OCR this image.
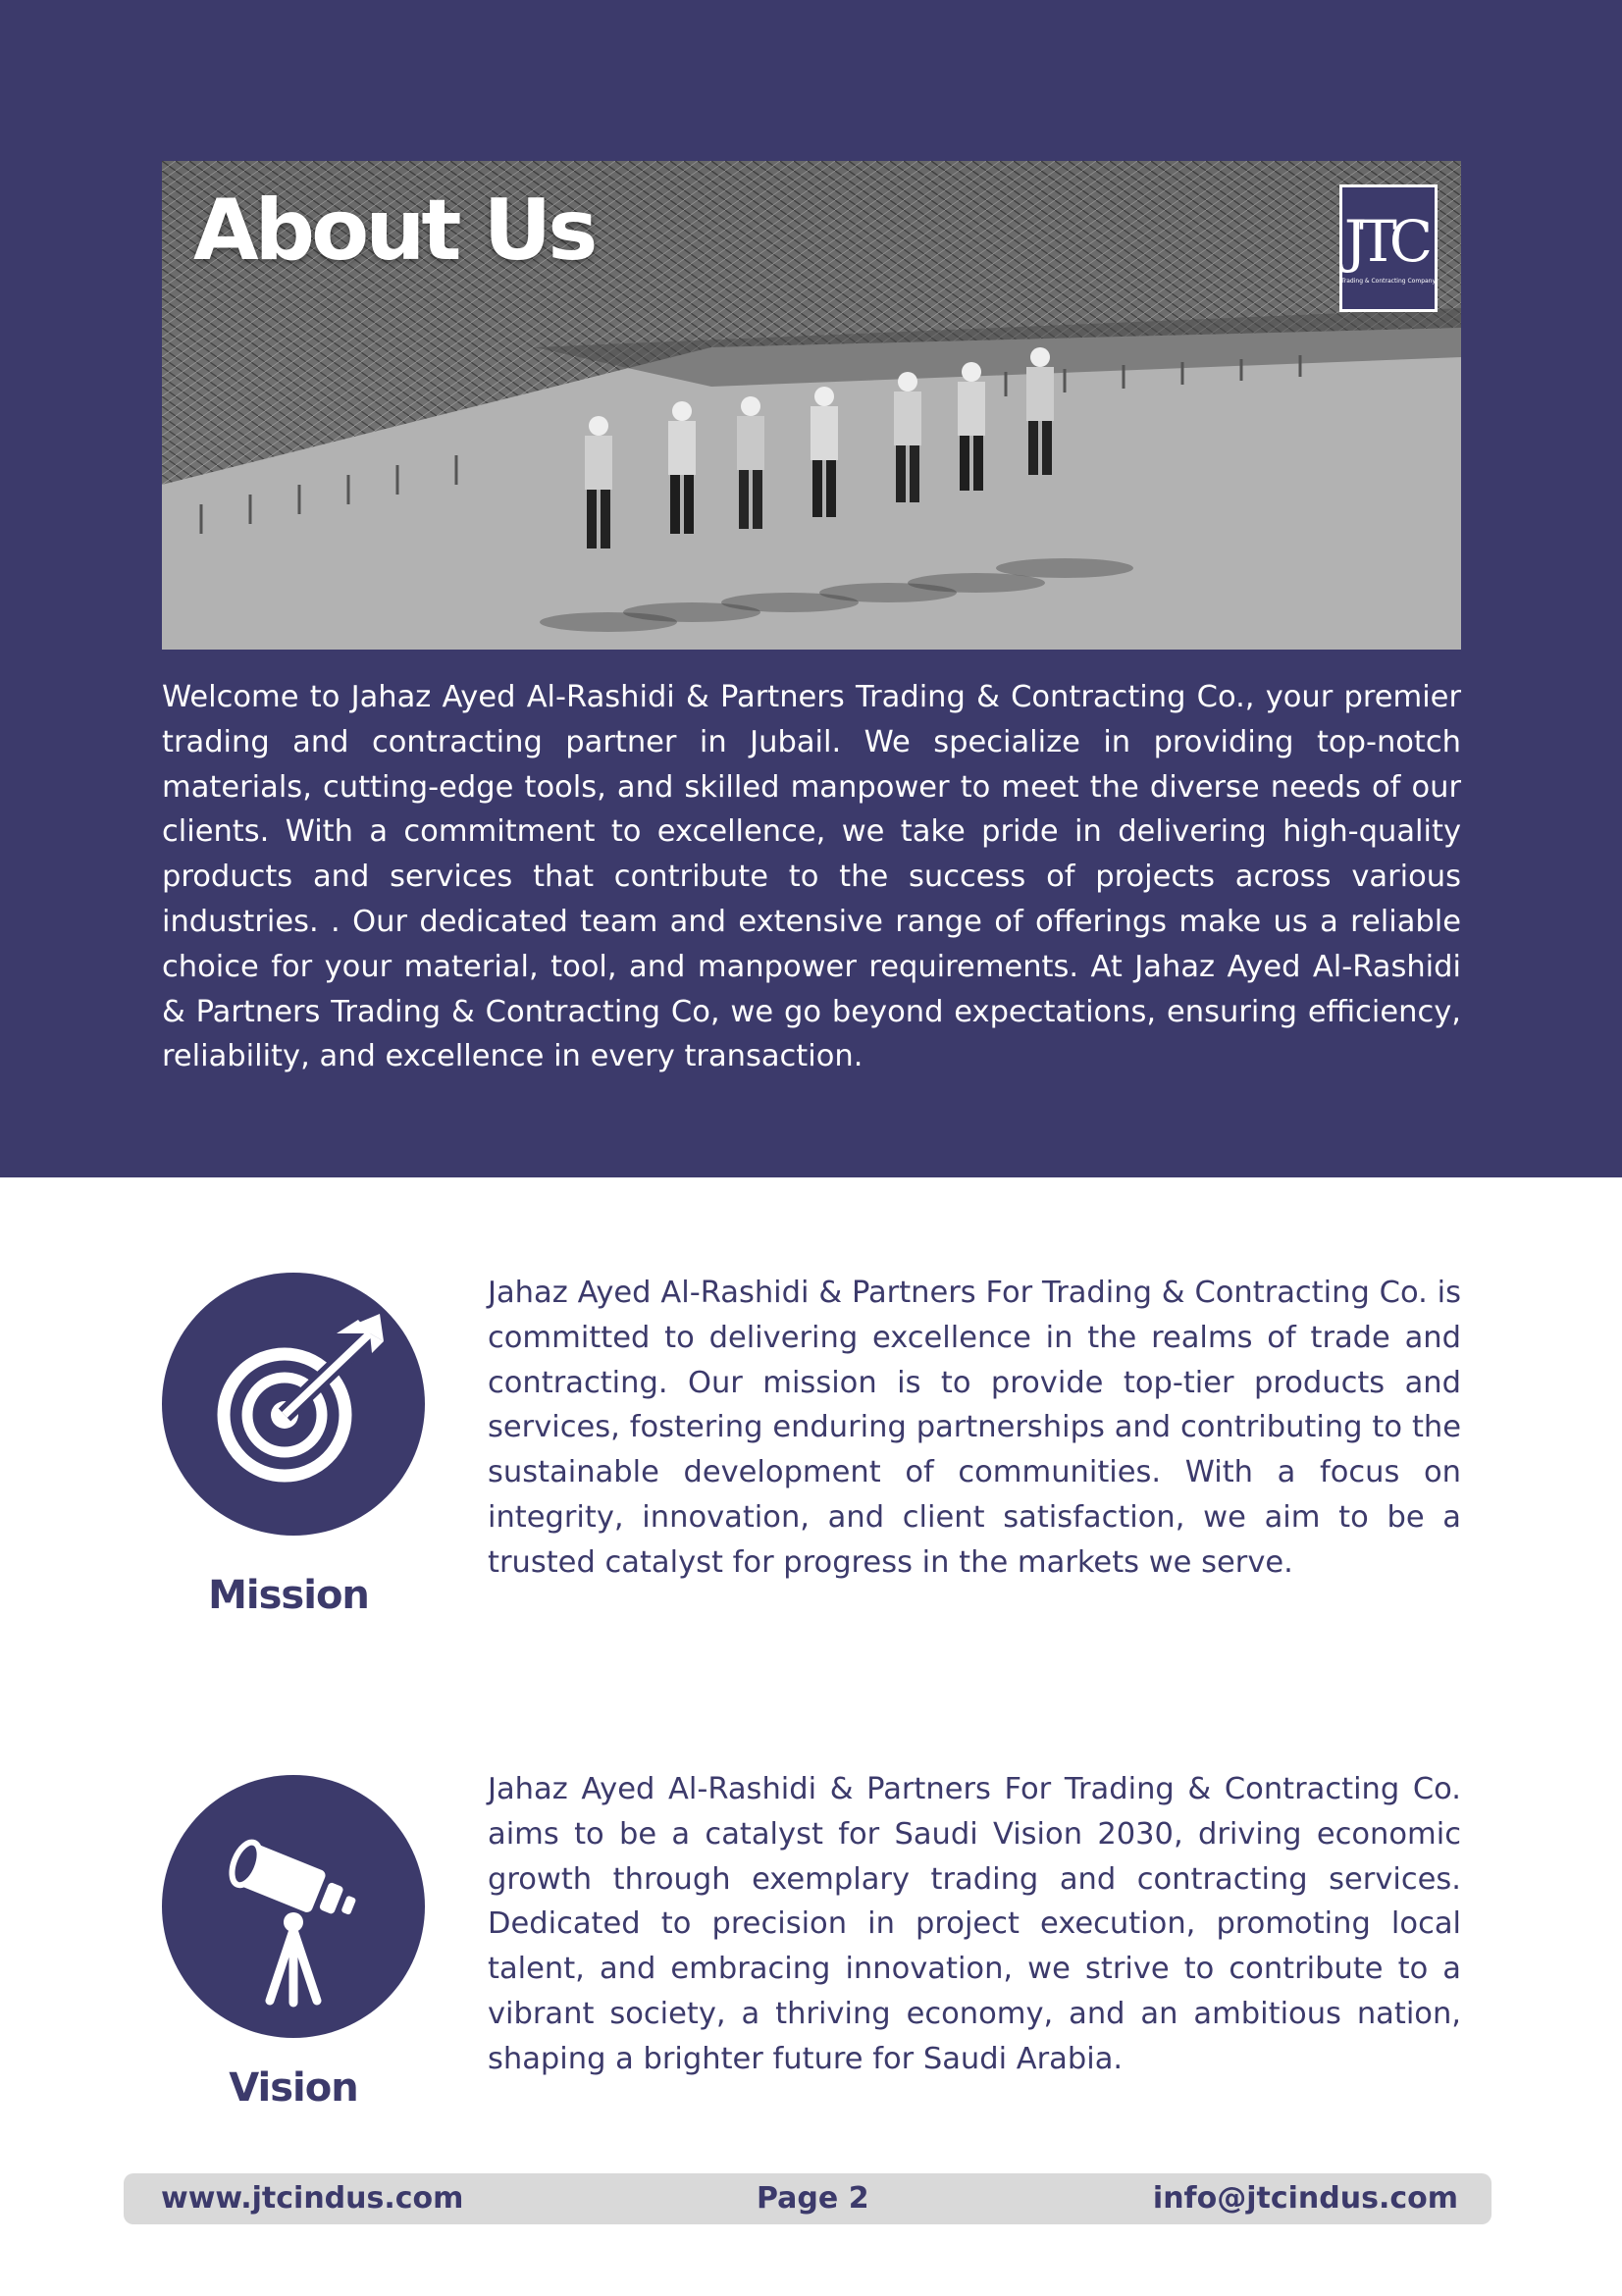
About Us	JTC
Trading & Contracting Company

Welcome to Jahaz Ayed Al-Rashidi & Partners Trading & Contracting Co., your premier trading and contracting partner in Jubail. We specialize in providing top-notch materials, cutting-edge tools, and skilled manpower to meet the diverse needs of our clients. With a commitment to excellence, we take pride in delivering high-quality products and services that contribute to the success of projects across various industries. . Our dedicated team and extensive range of offerings make us a reliable choice for your material, tool, and manpower requirements. At Jahaz Ayed Al-Rashidi & Partners Trading & Contracting Co, we go beyond expectations, ensuring efficiency, reliability, and excellence in every transaction.

Mission

Jahaz Ayed Al-Rashidi & Partners For Trading & Contracting Co. is committed to delivering excellence in the realms of trade and contracting. Our mission is to provide top-tier products and services, fostering enduring partnerships and contributing to the sustainable development of communities. With a focus on integrity, innovation, and client satisfaction, we aim to be a trusted catalyst for progress in the markets we serve.

Vision

Jahaz Ayed Al-Rashidi & Partners For Trading & Contracting Co. aims to be a catalyst for Saudi Vision 2030, driving economic growth through exemplary trading and contracting services. Dedicated to precision in project execution, promoting local talent, and embracing innovation, we strive to contribute to a vibrant society, a thriving economy, and an ambitious nation, shaping a brighter future for Saudi Arabia.

www.jtcindus.com	Page 2	info@jtcindus.com
